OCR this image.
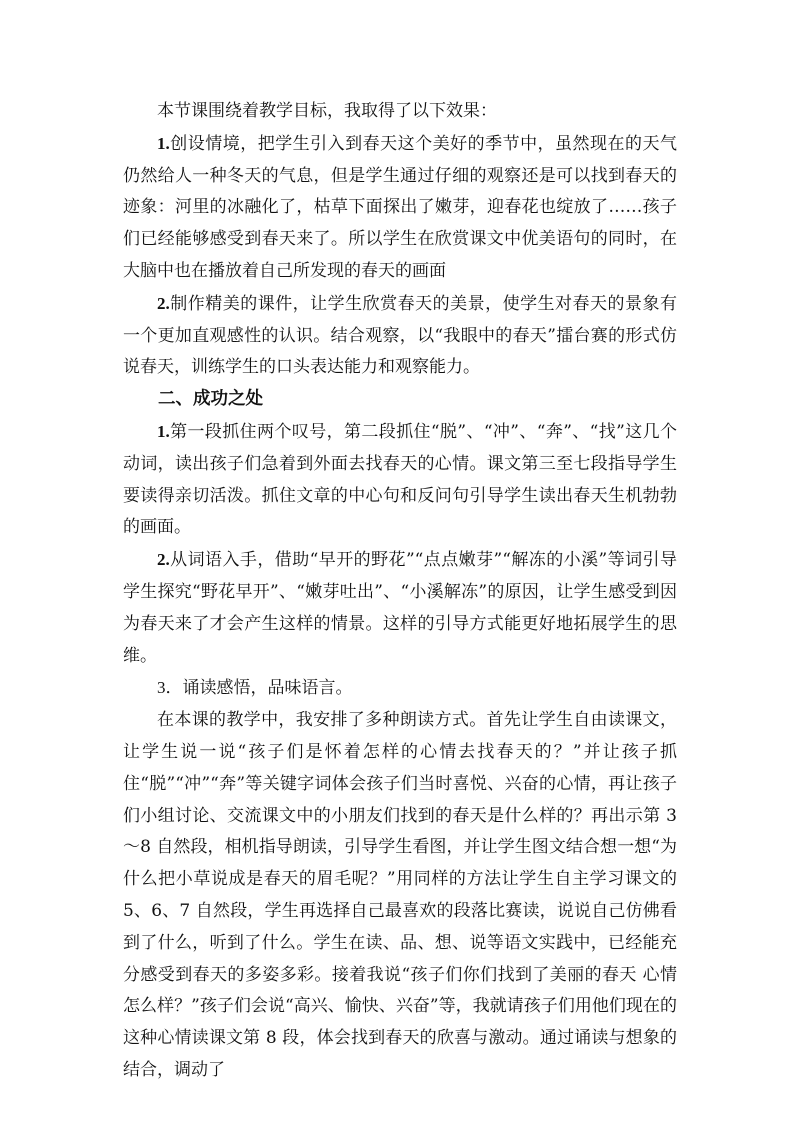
本节课围绕着教学目标，我取得了以下效果：

1.创设情境，把学生引入到春天这个美好的季节中，虽然现在的天气仍然给人一种冬天的气息，但是学生通过仔细的观察还是可以找到春天的迹象：河里的冰融化了，枯草下面探出了嫩芽，迎春花也绽放了……孩子们已经能够感受到春天来了。所以学生在欣赏课文中优美语句的同时，在大脑中也在播放着自己所发现的春天的画面

2.制作精美的课件，让学生欣赏春天的美景，使学生对春天的景象有一个更加直观感性的认识。结合观察，以“我眼中的春天”擂台赛的形式仿说春天，训练学生的口头表达能力和观察能力。

二、成功之处

1.第一段抓住两个叹号，第二段抓住“脱”、“冲”、“奔”、“找”这几个动词，读出孩子们急着到外面去找春天的心情。课文第三至七段指导学生要读得亲切活泼。抓住文章的中心句和反问句引导学生读出春天生机勃勃的画面。

2.从词语入手，借助“早开的野花”“点点嫩芽”“解冻的小溪”等词引导学生探究“野花早开”、“嫩芽吐出”、“小溪解冻”的原因，让学生感受到因为春天来了才会产生这样的情景。这样的引导方式能更好地拓展学生的思维。

3．诵读感悟，品味语言。

在本课的教学中，我安排了多种朗读方式。首先让学生自由读课文，让学生说一说“孩子们是怀着怎样的心情去找春天的？”并让孩子抓住“脱”“冲”“奔”等关键字词体会孩子们当时喜悦、兴奋的心情，再让孩子们小组讨论、交流课文中的小朋友们找到的春天是什么样的？再出示第 3～8 自然段，相机指导朗读，引导学生看图，并让学生图文结合想一想“为什么把小草说成是春天的眉毛呢？”用同样的方法让学生自主学习课文的5、6、7 自然段，学生再选择自己最喜欢的段落比赛读，说说自己仿佛看到了什么，听到了什么。学生在读、品、想、说等语文实践中，已经能充分感受到春天的多姿多彩。接着我说“孩子们你们找到了美丽的春天 心情怎么样？”孩子们会说“高兴、愉快、兴奋”等，我就请孩子们用他们现在的这种心情读课文第 8 段，体会找到春天的欣喜与激动。通过诵读与想象的结合，调动了
